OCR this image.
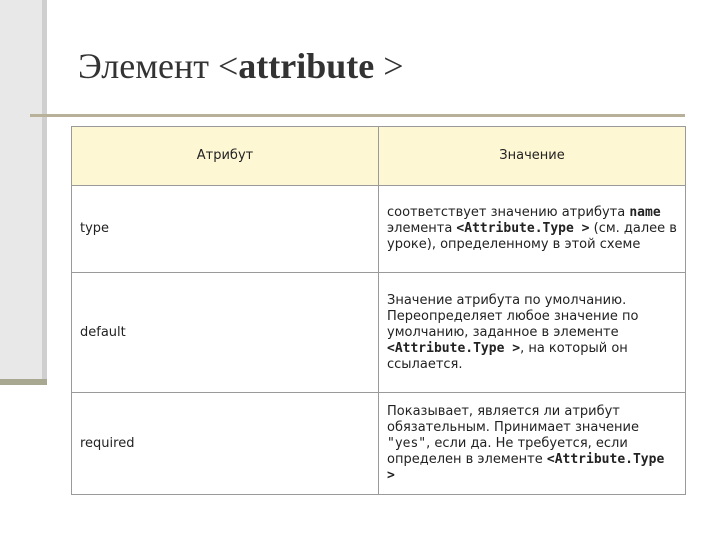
Элемент <attribute >
Атрибут	Значение
type	соответствует значению атрибута name элемента <Attribute.Type > (см. далее в уроке), определенному в этой схеме
default	Значение атрибута по умолчанию. Переопределяет любое значение по умолчанию, заданное в элементе <Attribute.Type >, на который он ссылается.
required	Показывает, является ли атрибут обязательным. Принимает значение "yes", если да. Не требуется, если определен в элементе <Attribute.Type >
